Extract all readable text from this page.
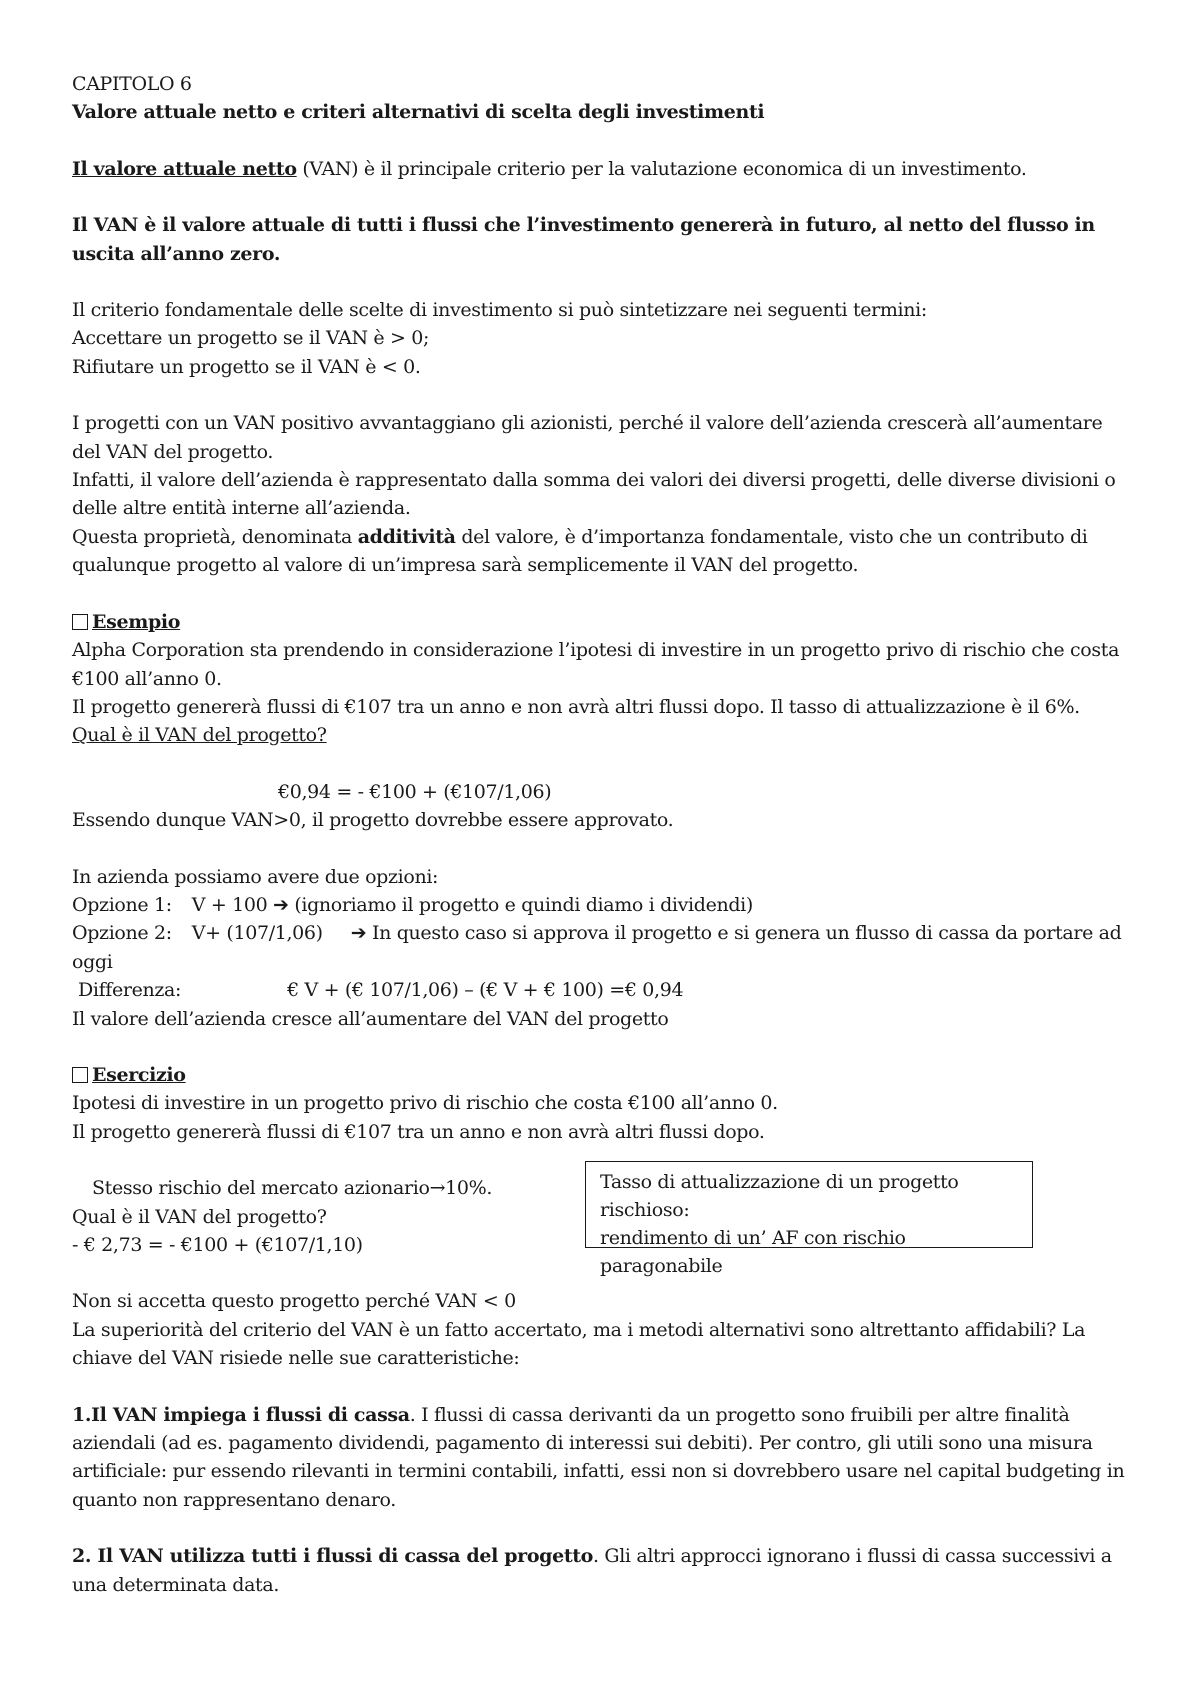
CAPITOLO 6

Valore attuale netto e criteri alternativi di scelta degli investimenti

Il valore attuale netto (VAN) è il principale criterio per la valutazione economica di un investimento.

Il VAN è il valore attuale di tutti i flussi che l’investimento genererà in futuro, al netto del flusso in uscita all’anno zero.

Il criterio fondamentale delle scelte di investimento si può sintetizzare nei seguenti termini:

Accettare un progetto se il VAN è > 0;

Rifiutare un progetto se il VAN è < 0.

I progetti con un VAN positivo avvantaggiano gli azionisti, perché il valore dell’azienda crescerà all’aumentare del VAN del progetto.

Infatti, il valore dell’azienda è rappresentato dalla somma dei valori dei diversi progetti, delle diverse divisioni o delle altre entità interne all’azienda.

Questa proprietà, denominata additività del valore, è d’importanza fondamentale, visto che un contributo di qualunque progetto al valore di un’impresa sarà semplicemente il VAN del progetto.

Esempio

Alpha Corporation sta prendendo in considerazione l’ipotesi di investire in un progetto privo di rischio che costa €100 all’anno 0.

Il progetto genererà flussi di €107 tra un anno e non avrà altri flussi dopo. Il tasso di attualizzazione è il 6%.

Qual è il VAN del progetto?

€0,94 = - €100 + (€107/1,06)

Essendo dunque VAN>0, il progetto dovrebbe essere approvato.

In azienda possiamo avere due opzioni:

Opzione 1: V + 100 ➔ (ignoriamo il progetto e quindi diamo i dividendi)

Opzione 2: V+ (107/1,06) ➔ In questo caso si approva il progetto e si genera un flusso di cassa da portare ad oggi

Differenza:	€ V + (€ 107/1,06) – (€ V + € 100) =€ 0,94

Il valore dell’azienda cresce all’aumentare del VAN del progetto

Esercizio

Ipotesi di investire in un progetto privo di rischio che costa €100 all’anno 0.

Il progetto genererà flussi di €107 tra un anno e non avrà altri flussi dopo.

Stesso rischio del mercato azionario→10%.

Qual è il VAN del progetto?

- € 2,73 = - €100 + (€107/1,10)

Non si accetta questo progetto perché VAN < 0

La superiorità del criterio del VAN è un fatto accertato, ma i metodi alternativi sono altrettanto affidabili? La chiave del VAN risiede nelle sue caratteristiche:

1.Il VAN impiega i flussi di cassa. I flussi di cassa derivanti da un progetto sono fruibili per altre finalità aziendali (ad es. pagamento dividendi, pagamento di interessi sui debiti). Per contro, gli utili sono una misura artificiale: pur essendo rilevanti in termini contabili, infatti, essi non si dovrebbero usare nel capital budgeting in quanto non rappresentano denaro.

2. Il VAN utilizza tutti i flussi di cassa del progetto. Gli altri approcci ignorano i flussi di cassa successivi a una determinata data.

Tasso di attualizzazione di un progetto rischioso:

rendimento di un’ AF con rischio paragonabile
